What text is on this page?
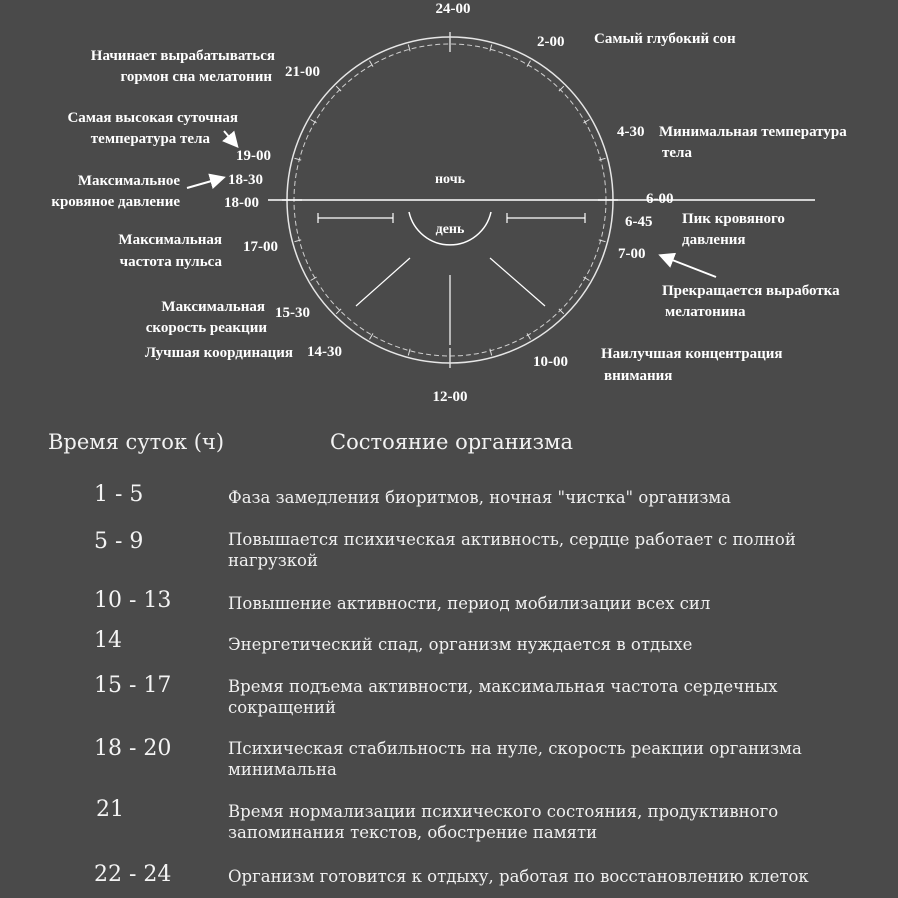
ночь
день
24-00
2-00
4-30
6-00
6-45
7-00
10-00
12-00
14-30
15-30
17-00
18-00
18-30
19-00
21-00
Самый глубокий сон
Минимальная температура
тела
Пик кровяного
давления
Прекращается выработка
мелатонина
Наилучшая концентрация
внимания
Лучшая координация
Максимальная
скорость реакции
Максимальная
частота пульса
Максимальное
кровяное давление
Самая высокая суточная
температура тела
Начинает вырабатываться
гормон сна мелатонин
Время суток (ч)	Состояние организма
1 - 5	Фаза замедления биоритмов, ночная "чистка" организма
5 - 9	Повышается психическая активность, сердце работает с полной нагрузкой
10 - 13	Повышение активности, период мобилизации всех сил
14	Энергетический спад, организм нуждается в отдыхе
15 - 17	Время подъема активности, максимальная частота сердечных сокращений
18 - 20	Психическая стабильность на нуле, скорость реакции организма минимальна
21	Время нормализации психического состояния, продуктивного запоминания текстов, обострение памяти
22 - 24	Организм готовится к отдыху, работая по восстановлению клеток
